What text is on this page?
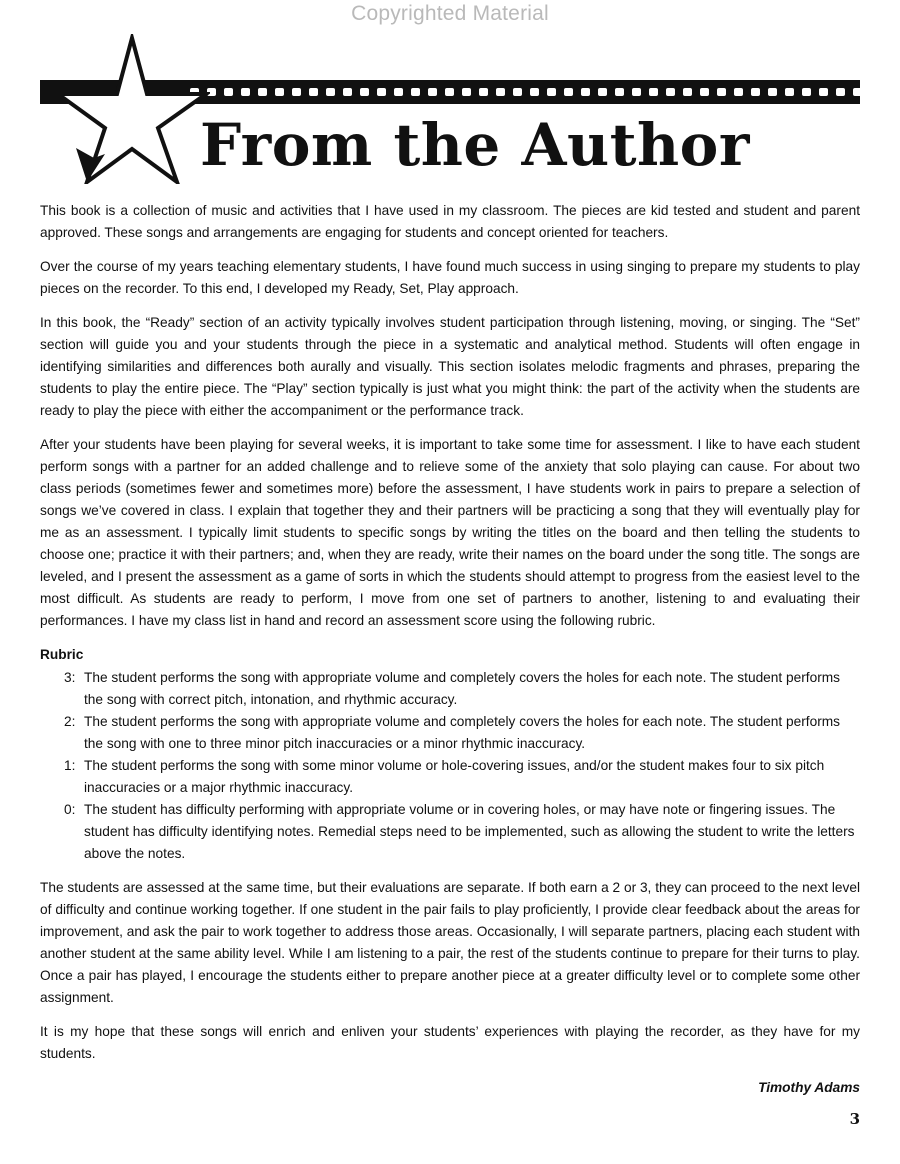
Copyrighted Material
From the Author

This book is a collection of music and activities that I have used in my classroom. The pieces are kid tested and student and parent approved. These songs and arrangements are engaging for students and concept oriented for teachers.

Over the course of my years teaching elementary students, I have found much success in using singing to prepare my students to play pieces on the recorder. To this end, I developed my Ready, Set, Play approach.

In this book, the “Ready” section of an activity typically involves student participation through listening, moving, or singing. The “Set” section will guide you and your students through the piece in a systematic and analytical method. Students will often engage in identifying similarities and differences both aurally and visually. This section isolates melodic fragments and phrases, preparing the students to play the entire piece. The “Play” section typically is just what you might think: the part of the activity when the students are ready to play the piece with either the accompaniment or the performance track.

After your students have been playing for several weeks, it is important to take some time for assessment. I like to have each student perform songs with a partner for an added challenge and to relieve some of the anxiety that solo playing can cause. For about two class periods (sometimes fewer and sometimes more) before the assessment, I have students work in pairs to prepare a selection of songs we’ve covered in class. I explain that together they and their partners will be practicing a song that they will eventually play for me as an assessment. I typically limit students to specific songs by writing the titles on the board and then telling the students to choose one; practice it with their partners; and, when they are ready, write their names on the board under the song title. The songs are leveled, and I present the assessment as a game of sorts in which the students should attempt to progress from the easiest level to the most difficult. As students are ready to perform, I move from one set of partners to another, listening to and evaluating their performances. I have my class list in hand and record an assessment score using the following rubric.

Rubric
3: The student performs the song with appropriate volume and completely covers the holes for each note. The student performs the song with correct pitch, intonation, and rhythmic accuracy.
2: The student performs the song with appropriate volume and completely covers the holes for each note. The student performs the song with one to three minor pitch inaccuracies or a minor rhythmic inaccuracy.
1: The student performs the song with some minor volume or hole-covering issues, and/or the student makes four to six pitch inaccuracies or a major rhythmic inaccuracy.
0: The student has difficulty performing with appropriate volume or in covering holes, or may have note or fingering issues. The student has difficulty identifying notes. Remedial steps need to be implemented, such as allowing the student to write the letters above the notes.

The students are assessed at the same time, but their evaluations are separate. If both earn a 2 or 3, they can proceed to the next level of difficulty and continue working together. If one student in the pair fails to play proficiently, I provide clear feedback about the areas for improvement, and ask the pair to work together to address those areas. Occasionally, I will separate partners, placing each student with another student at the same ability level. While I am listening to a pair, the rest of the students continue to prepare for their turns to play. Once a pair has played, I encourage the students either to prepare another piece at a greater difficulty level or to complete some other assignment.

It is my hope that these songs will enrich and enliven your students’ experiences with playing the recorder, as they have for my students.

Timothy Adams

3
